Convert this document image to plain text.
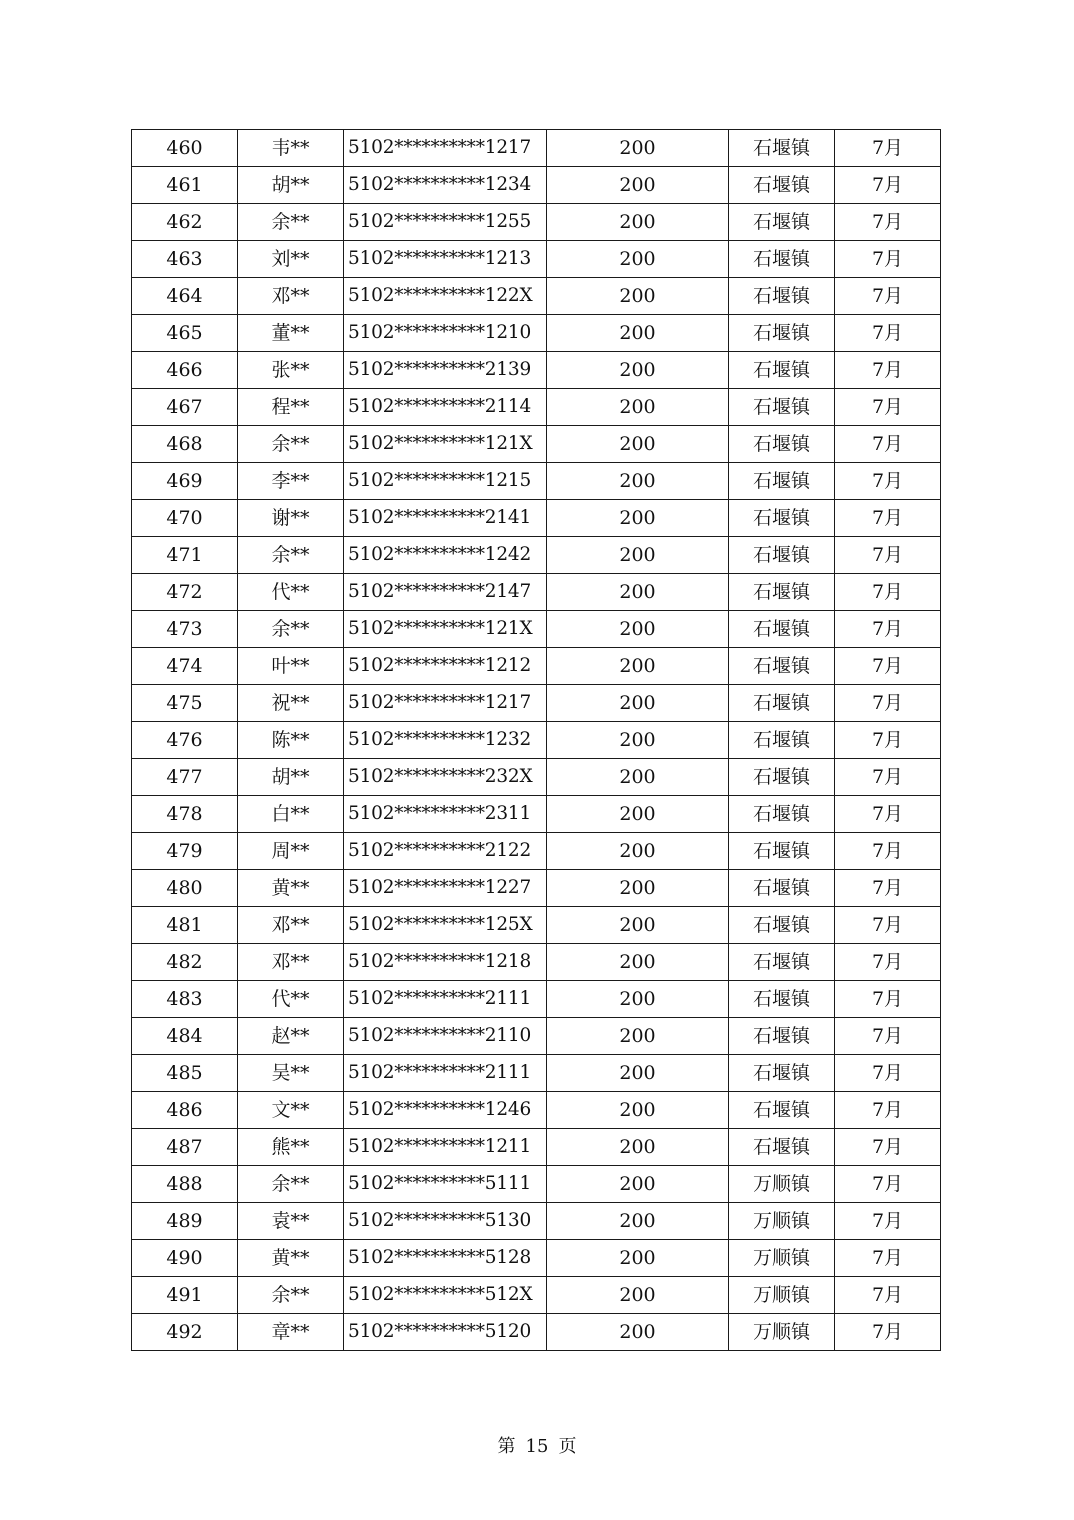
460	韦**	5102**********1217	200	石堰镇	7月
461	胡**	5102**********1234	200	石堰镇	7月
462	余**	5102**********1255	200	石堰镇	7月
463	刘**	5102**********1213	200	石堰镇	7月
464	邓**	5102**********122X	200	石堰镇	7月
465	董**	5102**********1210	200	石堰镇	7月
466	张**	5102**********2139	200	石堰镇	7月
467	程**	5102**********2114	200	石堰镇	7月
468	余**	5102**********121X	200	石堰镇	7月
469	李**	5102**********1215	200	石堰镇	7月
470	谢**	5102**********2141	200	石堰镇	7月
471	余**	5102**********1242	200	石堰镇	7月
472	代**	5102**********2147	200	石堰镇	7月
473	余**	5102**********121X	200	石堰镇	7月
474	叶**	5102**********1212	200	石堰镇	7月
475	祝**	5102**********1217	200	石堰镇	7月
476	陈**	5102**********1232	200	石堰镇	7月
477	胡**	5102**********232X	200	石堰镇	7月
478	白**	5102**********2311	200	石堰镇	7月
479	周**	5102**********2122	200	石堰镇	7月
480	黄**	5102**********1227	200	石堰镇	7月
481	邓**	5102**********125X	200	石堰镇	7月
482	邓**	5102**********1218	200	石堰镇	7月
483	代**	5102**********2111	200	石堰镇	7月
484	赵**	5102**********2110	200	石堰镇	7月
485	吴**	5102**********2111	200	石堰镇	7月
486	文**	5102**********1246	200	石堰镇	7月
487	熊**	5102**********1211	200	石堰镇	7月
488	余**	5102**********5111	200	万顺镇	7月
489	袁**	5102**********5130	200	万顺镇	7月
490	黄**	5102**********5128	200	万顺镇	7月
491	余**	5102**********512X	200	万顺镇	7月
492	章**	5102**********5120	200	万顺镇	7月
第 15 页
